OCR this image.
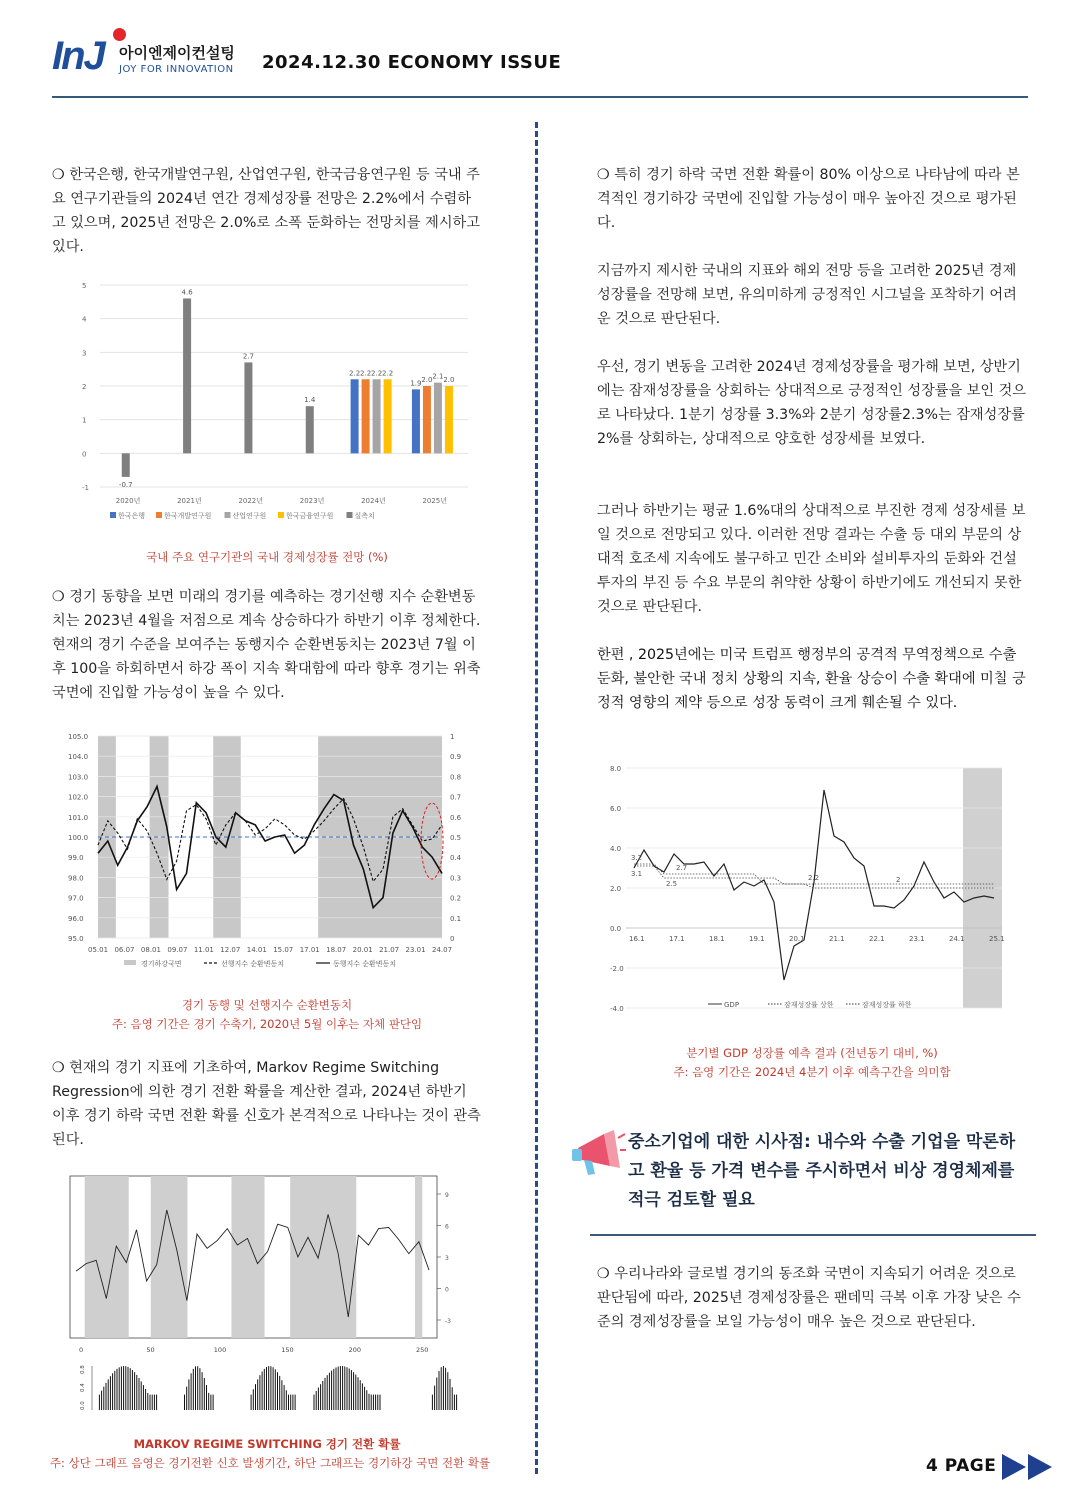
InJ 아이엔제이컨설팅
JOY FOR INNOVATION 2024.12.30 ECONOMY ISSUE

❍ 한국은행, 한국개발연구원, 산업연구원, 한국금융연구원 등 국내 주요 연구기관들의 2024년 연간 경제성장률 전망은 2.2%에서 수렴하고 있으며, 2025년 전망은 2.0%로 소폭 둔화하는 전망치를 제시하고 있다.

-1
0
1
2
3
4
5
-0.7
4.6
2.7
1.4
2.2 2.2 2.2 2.2
1.9 2.0 2.1 2.0
2020년	2021년	2022년	2023년	2024년	2025년
한국은행	한국개발연구원	산업연구원	한국금융연구원	실측치
국내 주요 연구기관의 국내 경제성장률 전망 (%)

❍ 경기 동향을 보면 미래의 경기를 예측하는 경기선행 지수 순환변동치는 2023년 4월을 저점으로 계속 상승하다가 하반기 이후 정체한다. 현재의 경기 수준을 보여주는 동행지수 순환변동치는 2023년 7월 이후 100을 하회하면서 하강 폭이 지속 확대함에 따라 향후 경기는 위축 국면에 진입할 가능성이 높을 수 있다.

95.0
96.0
97.0
98.0
99.0
100.0
101.0
102.0
103.0
104.0
105.0
0
0.1
0.2
0.3
0.4
0.5
0.6
0.7
0.8
0.9
1
05.01 06.07 08.01 09.07 11.01 12.07 14.01 15.07 17.01 18.07 20.01 21.07 23.01 24.07
경기하강국면	선행지수 순환변동치	동행지수 순환변동치
경기 동행 및 선행지수 순환변동치
주: 음영 기간은 경기 수축기, 2020년 5월 이후는 자체 판단임

❍ 현재의 경기 지표에 기초하여, Markov Regime Switching Regression에 의한 경기 전환 확률을 계산한 결과, 2024년 하반기 이후 경기 하락 국면 전환 확률 신호가 본격적으로 나타나는 것이 관측된다.

9
6
3
0
-3
0	50	100	150	200	250
0.0
0.4
0.8
MARKOV REGIME SWITCHING 경기 전환 확률
주: 상단 그래프 음영은 경기전환 신호 발생기간, 하단 그래프는 경기하강 국면 전환 확률

❍ 특히 경기 하락 국면 전환 확률이 80% 이상으로 나타남에 따라 본격적인 경기하강 국면에 진입할 가능성이 매우 높아진 것으로 평가된다.

지금까지 제시한 국내의 지표와 해외 전망 등을 고려한 2025년 경제성장률을 전망해 보면, 유의미하게 긍정적인 시그널을 포착하기 어려운 것으로 판단된다.

우선, 경기 변동을 고려한 2024년 경제성장률을 평가해 보면, 상반기에는 잠재성장률을 상회하는 상대적으로 긍정적인 성장률을 보인 것으로 나타났다. 1분기 성장률 3.3%와 2분기 성장률2.3%는 잠재성장률 2%를 상회하는, 상대적으로 양호한 성장세를 보였다.

그러나 하반기는 평균 1.6%대의 상대적으로 부진한 경제 성장세를 보일 것으로 전망되고 있다. 이러한 전망 결과는 수출 등 대외 부문의 상대적 호조세 지속에도 불구하고 민간 소비와 설비투자의 둔화와 건설투자의 부진 등 수요 부문의 취약한 상황이 하반기에도 개선되지 못한 것으로 판단된다.

한편 , 2025년에는 미국 트럼프 행정부의 공격적 무역정책으로 수출 둔화, 불안한 국내 정치 상황의 지속, 환율 상승이 수출 확대에 미칠 긍정적 영향의 제약 등으로 성장 동력이 크게 훼손될 수 있다.

3.2
3.1
2.5
2.7
2.2	2
-4.0
-2.0
0.0
2.0
4.0
6.0
8.0
16.1	17.1	18.1	19.1	20.1	21.1	22.1	23.1	24.1	25.1
GDP	잠재성장률 상한	잠재성장률 하한
분기별 GDP 성장률 예측 결과 (전년동기 대비, %)
주: 음영 기간은 2024년 4분기 이후 예측구간을 의미함
중소기업에 대한 시사점: 내수와 수출 기업을 막론하고 환율 등 가격 변수를 주시하면서 비상 경영체제를 적극 검토할 필요

❍ 우리나라와 글로벌 경기의 동조화 국면이 지속되기 어려운 것으로 판단됨에 따라, 2025년 경제성장률은 팬데믹 극복 이후 가장 낮은 수준의 경제성장률을 보일 가능성이 매우 높은 것으로 판단된다.

4 PAGE
